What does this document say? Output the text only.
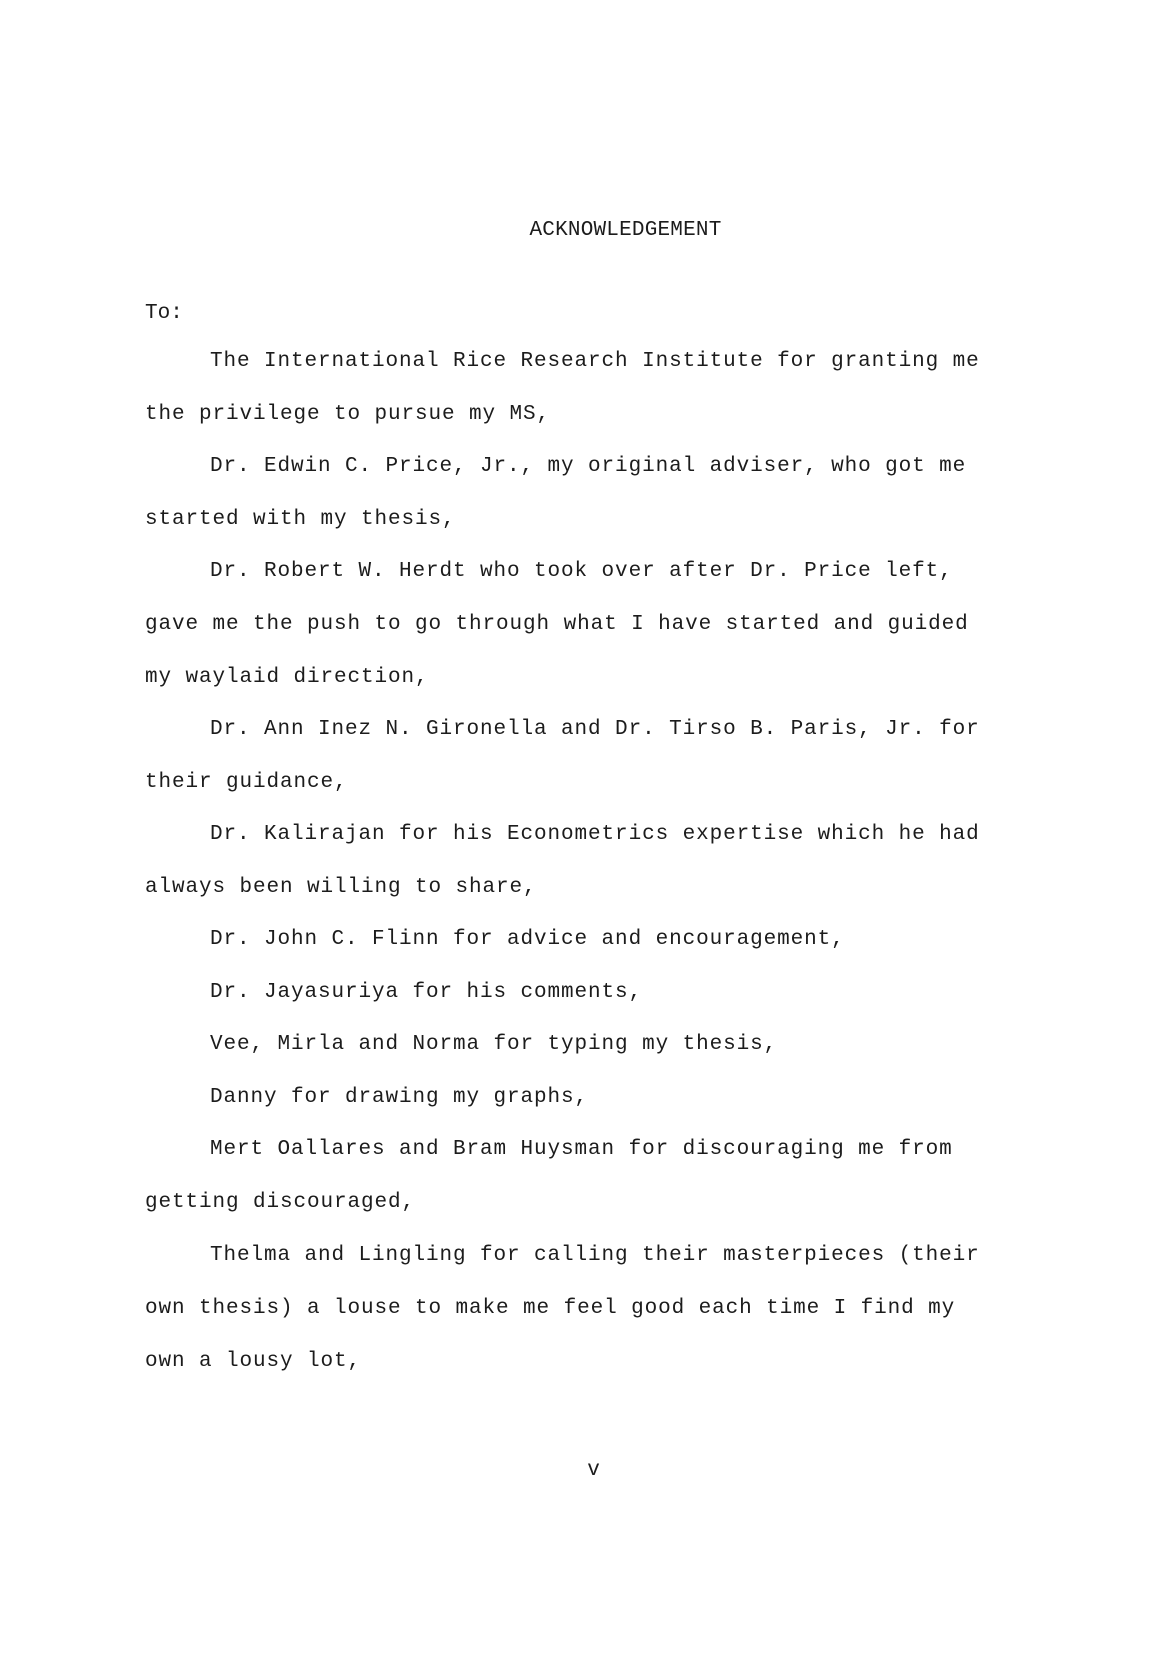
ACKNOWLEDGEMENT
To:
The International Rice Research Institute for granting me
the privilege to pursue my MS,
Dr. Edwin C. Price, Jr., my original adviser, who got me
started with my thesis,
Dr. Robert W. Herdt who took over after Dr. Price left,
gave me the push to go through what I have started and guided
my waylaid direction,
Dr. Ann Inez N. Gironella and Dr. Tirso B. Paris, Jr. for
their guidance,
Dr. Kalirajan for his Econometrics expertise which he had
always been willing to share,
Dr. John C. Flinn for advice and encouragement,
Dr. Jayasuriya for his comments,
Vee, Mirla and Norma for typing my thesis,
Danny for drawing my graphs,
Mert Oallares and Bram Huysman for discouraging me from
getting discouraged,
Thelma and Lingling for calling their masterpieces (their
own thesis) a louse to make me feel good each time I find my
own a lousy lot,
v
